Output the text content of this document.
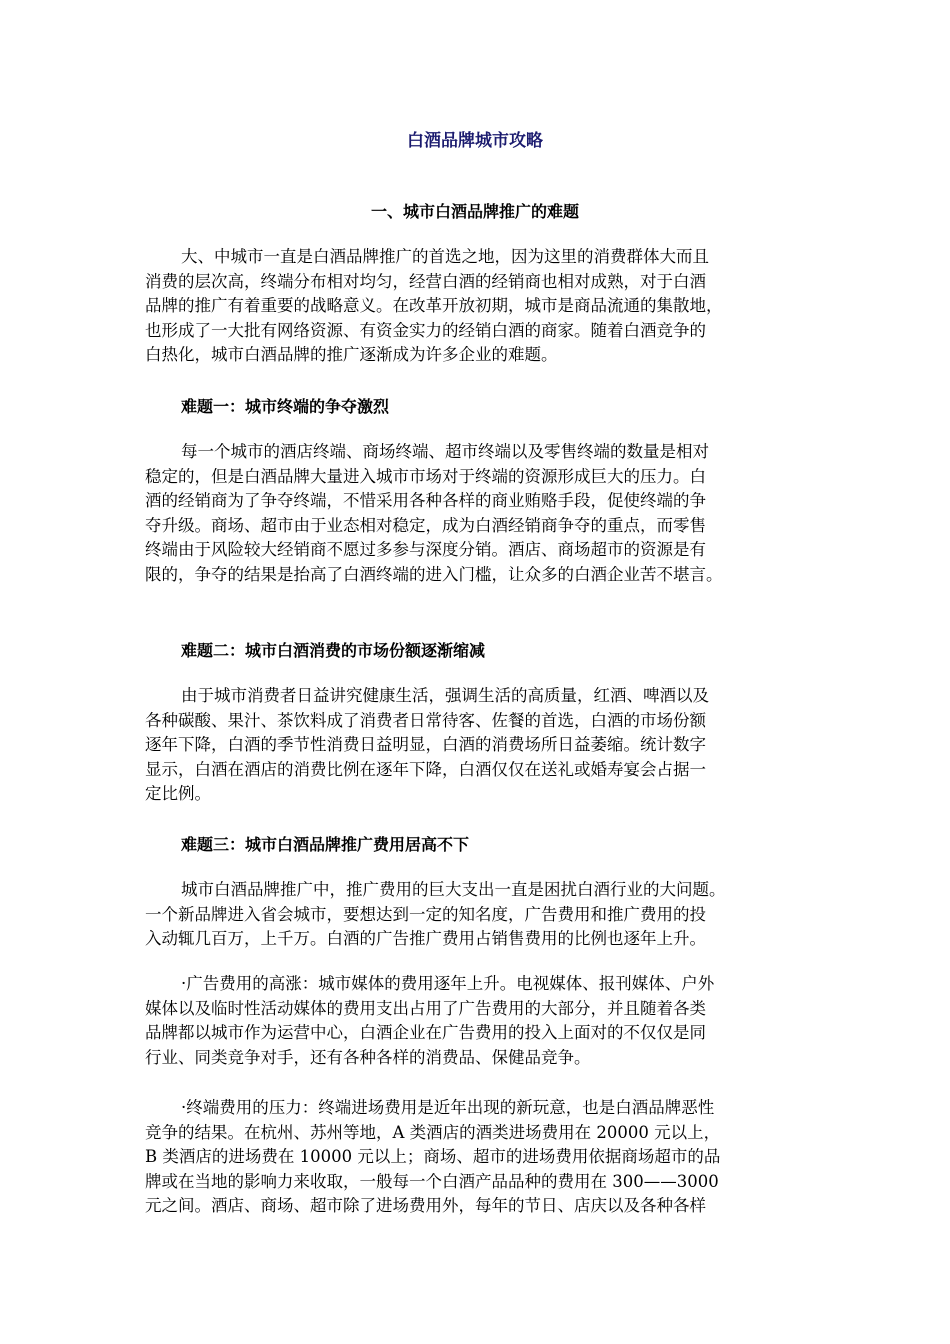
白酒品牌城市攻略
一、城市白酒品牌推广的难题
大、中城市一直是白酒品牌推广的首选之地，因为这里的消费群体大而且
消费的层次高，终端分布相对均匀，经营白酒的经销商也相对成熟，对于白酒
品牌的推广有着重要的战略意义。在改革开放初期，城市是商品流通的集散地，
也形成了一大批有网络资源、有资金实力的经销白酒的商家。随着白酒竞争的
白热化，城市白酒品牌的推广逐渐成为许多企业的难题。
难题一：城市终端的争夺激烈
每一个城市的酒店终端、商场终端、超市终端以及零售终端的数量是相对
稳定的，但是白酒品牌大量进入城市市场对于终端的资源形成巨大的压力。白
酒的经销商为了争夺终端，不惜采用各种各样的商业贿赂手段，促使终端的争
夺升级。商场、超市由于业态相对稳定，成为白酒经销商争夺的重点，而零售
终端由于风险较大经销商不愿过多参与深度分销。酒店、商场超市的资源是有
限的，争夺的结果是抬高了白酒终端的进入门槛，让众多的白酒企业苦不堪言。
难题二：城市白酒消费的市场份额逐渐缩减
由于城市消费者日益讲究健康生活，强调生活的高质量，红酒、啤酒以及
各种碳酸、果汁、茶饮料成了消费者日常待客、佐餐的首选，白酒的市场份额
逐年下降，白酒的季节性消费日益明显，白酒的消费场所日益萎缩。统计数字
显示，白酒在酒店的消费比例在逐年下降，白酒仅仅在送礼或婚寿宴会占据一
定比例。
难题三：城市白酒品牌推广费用居高不下
城市白酒品牌推广中，推广费用的巨大支出一直是困扰白酒行业的大问题。
一个新品牌进入省会城市，要想达到一定的知名度，广告费用和推广费用的投
入动辄几百万，上千万。白酒的广告推广费用占销售费用的比例也逐年上升。
·广告费用的高涨：城市媒体的费用逐年上升。电视媒体、报刊媒体、户外
媒体以及临时性活动媒体的费用支出占用了广告费用的大部分，并且随着各类
品牌都以城市作为运营中心，白酒企业在广告费用的投入上面对的不仅仅是同
行业、同类竞争对手，还有各种各样的消费品、保健品竞争。
·终端费用的压力：终端进场费用是近年出现的新玩意，也是白酒品牌恶性
竞争的结果。在杭州、苏州等地，A 类酒店的酒类进场费用在 20000 元以上，
B 类酒店的进场费在 10000 元以上；商场、超市的进场费用依据商场超市的品
牌或在当地的影响力来收取，一般每一个白酒产品品种的费用在 300——3000
元之间。酒店、商场、超市除了进场费用外，每年的节日、店庆以及各种各样
